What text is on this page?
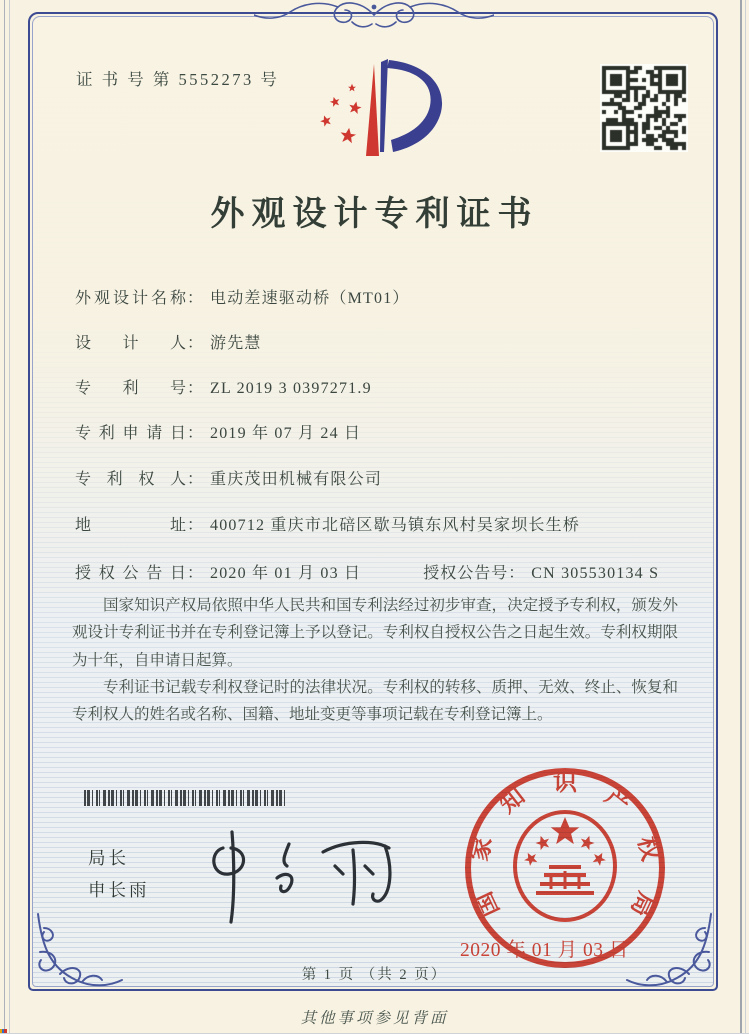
证 书 号 第 5552273 号
外观设计专利证书
外观设计名称： 电动差速驱动桥（MT01）
设计人： 游先慧
专利号： ZL 2019 3 0397271.9
专利申请日： 2019 年 07 月 24 日
专利权人： 重庆茂田机械有限公司
地址： 400712 重庆市北碚区歇马镇东风村吴家坝长生桥
授权公告日： 2020 年 01 月 03 日	授权公告号： CN 305530134 S

国家知识产权局依照中华人民共和国专利法经过初步审查，决定授予专利权，颁发外观设计专利证书并在专利登记簿上予以登记。专利权自授权公告之日起生效。专利权期限为十年，自申请日起算。

专利证书记载专利权登记时的法律状况。专利权的转移、质押、无效、终止、恢复和专利权人的姓名或名称、国籍、地址变更等事项记载在专利登记簿上。

局长
申长雨	国
家
知
识
产
权
局
2020 年 01 月 03 日
第 1 页 （共 2 页）
其他事项参见背面
